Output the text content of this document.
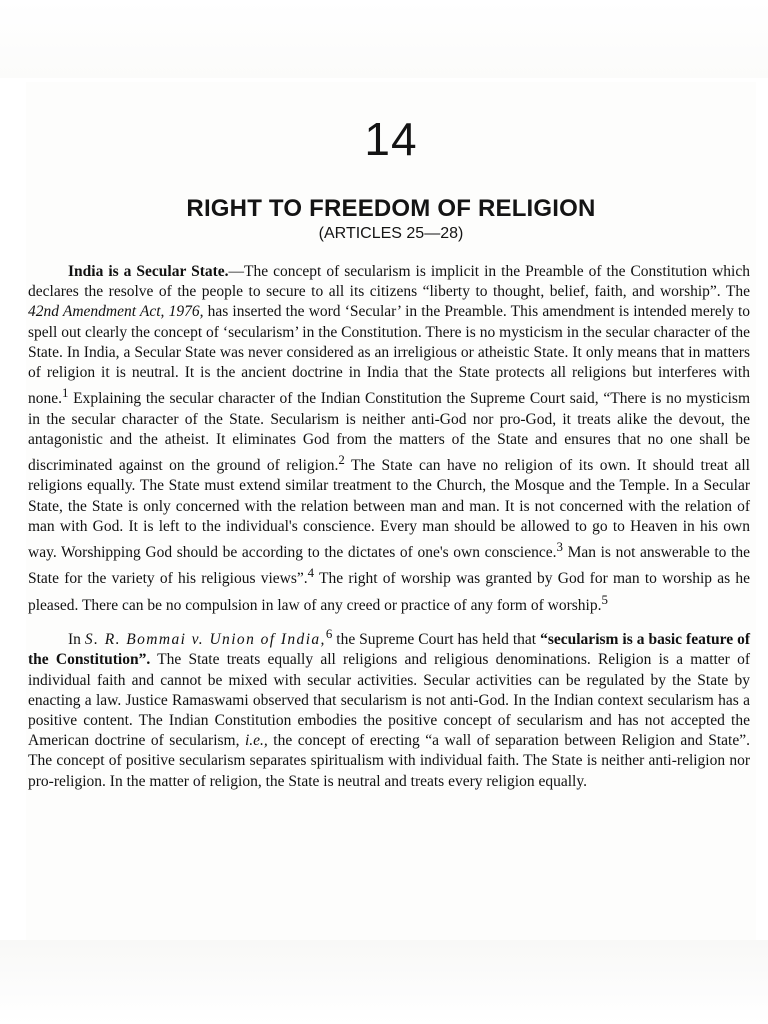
14
RIGHT TO FREEDOM OF RELIGION
(ARTICLES 25—28)

India is a Secular State.—The concept of secularism is implicit in the Preamble of the Constitution which declares the resolve of the people to secure to all its citizens “liberty to thought, belief, faith, and worship”. The 42nd Amendment Act, 1976, has inserted the word ‘Secular’ in the Preamble. This amendment is intended merely to spell out clearly the concept of ‘secularism’ in the Constitution. There is no mysticism in the secular character of the State. In India, a Secular State was never considered as an irreligious or atheistic State. It only means that in matters of religion it is neutral. It is the ancient doctrine in India that the State protects all religions but interferes with none.$^1$ Explaining the secular character of the Indian Constitution the Supreme Court said, “There is no mysticism in the secular character of the State. Secularism is neither anti-God nor pro-God, it treats alike the devout, the antagonistic and the atheist. It eliminates God from the matters of the State and ensures that no one shall be discriminated against on the ground of religion.$^2$ The State can have no religion of its own. It should treat all religions equally. The State must extend similar treatment to the Church, the Mosque and the Temple. In a Secular State, the State is only concerned with the relation between man and man. It is not concerned with the relation of man with God. It is left to the individual's conscience. Every man should be allowed to go to Heaven in his own way. Worshipping God should be according to the dictates of one's own conscience.$^3$ Man is not answerable to the State for the variety of his religious views”.$^4$ The right of worship was granted by God for man to worship as he pleased. There can be no compulsion in law of any creed or practice of any form of worship.$^5$

In S. R. Bommai v. Union of India,$^6$ the Supreme Court has held that “secularism is a basic feature of the Constitution”. The State treats equally all religions and religious denominations. Religion is a matter of individual faith and cannot be mixed with secular activities. Secular activities can be regulated by the State by enacting a law. Justice Ramaswami observed that secularism is not anti-God. In the Indian context secularism has a positive content. The Indian Constitution embodies the positive concept of secularism and has not accepted the American doctrine of secularism, i.e., the concept of erecting “a wall of separation between Religion and State”. The concept of positive secularism separates spiritualism with individual faith. The State is neither anti-religion nor pro-religion. In the matter of religion, the State is neutral and treats every religion equally.
